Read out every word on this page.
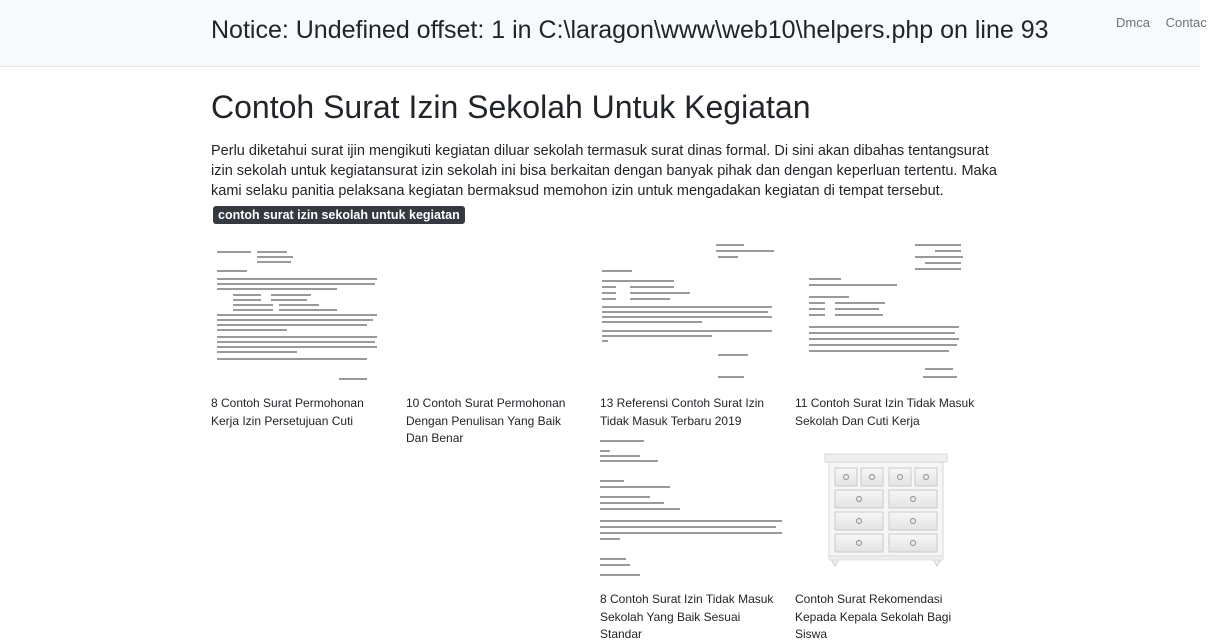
Notice: Undefined offset: 1 in C:\laragon\www\web10\helpers.php on line 93	Dmca Contac
Contoh Surat Izin Sekolah Untuk Kegiatan

Perlu diketahui surat ijin mengikuti kegiatan diluar sekolah termasuk surat dinas formal. Di sini akan dibahas tentangsurat izin sekolah untuk kegiatansurat izin sekolah ini bisa berkaitan dengan banyak pihak dan dengan keperluan tertentu. Maka kami selaku panitia pelaksana kegiatan bermaksud memohon izin untuk mengadakan kegiatan di tempat tersebut.

contoh surat izin sekolah untuk kegiatan
8 Contoh Surat Permohonan Kerja Izin Persetujuan Cuti
10 Contoh Surat Permohonan Dengan Penulisan Yang Baik Dan Benar
13 Referensi Contoh Surat Izin Tidak Masuk Terbaru 2019
11 Contoh Surat Izin Tidak Masuk Sekolah Dan Cuti Kerja
8 Contoh Surat Izin Tidak Masuk Sekolah Yang Baik Sesuai Standar
Contoh Surat Rekomendasi Kepada Kepala Sekolah Bagi Siswa
